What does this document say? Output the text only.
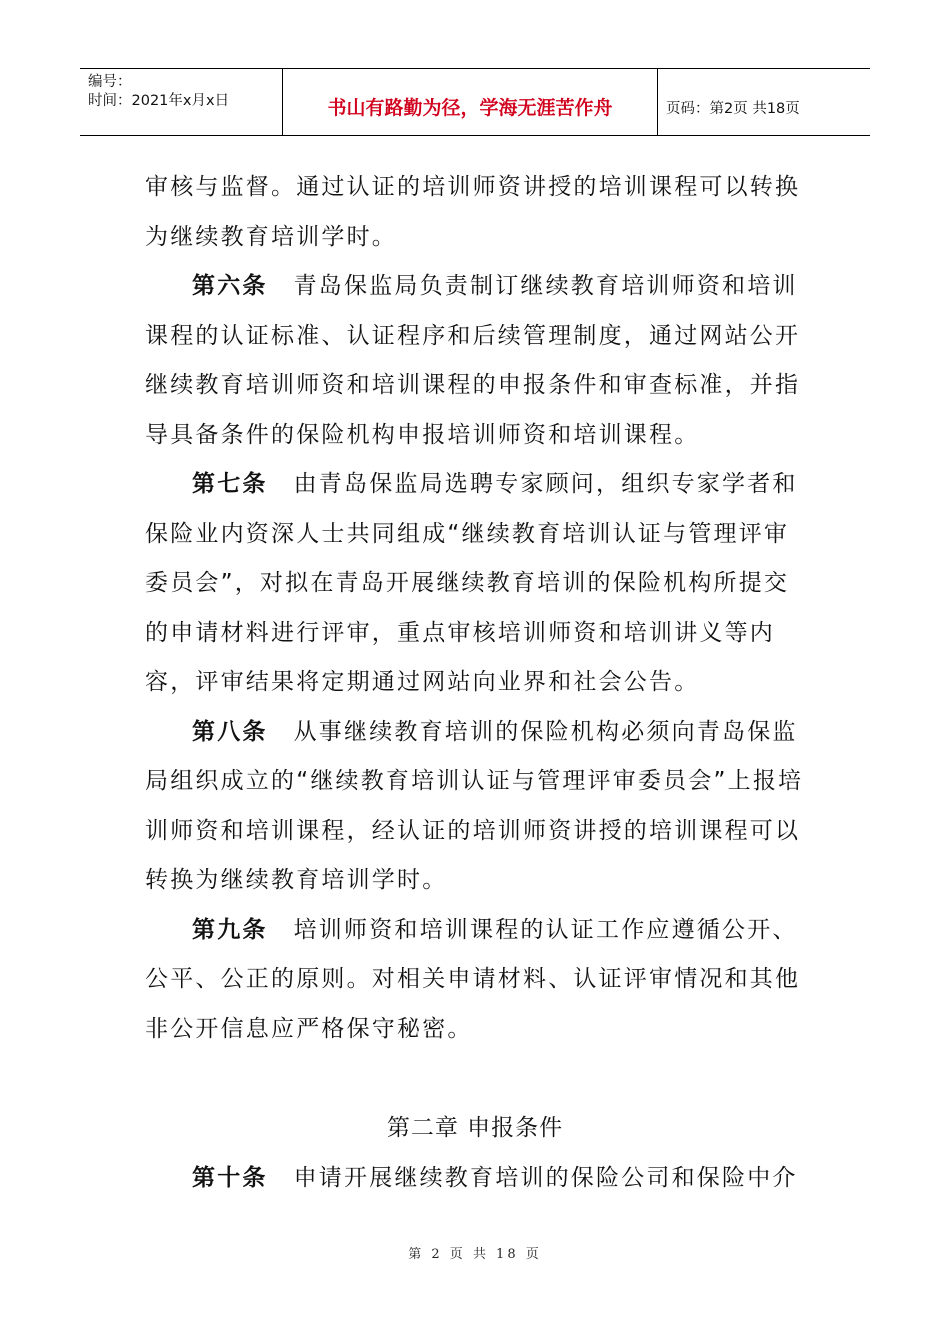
编号：
时间：2021年x月x日	书山有路勤为径，学海无涯苦作舟	页码：第2页 共18页

审核与监督。通过认证的培训师资讲授的培训课程可以转换为继续教育培训学时。

第六条 青岛保监局负责制订继续教育培训师资和培训课程的认证标准、认证程序和后续管理制度，通过网站公开继续教育培训师资和培训课程的申报条件和审查标准，并指导具备条件的保险机构申报培训师资和培训课程。

第七条 由青岛保监局选聘专家顾问，组织专家学者和保险业内资深人士共同组成“继续教育培训认证与管理评审委员会”，对拟在青岛开展继续教育培训的保险机构所提交的申请材料进行评审，重点审核培训师资和培训讲义等内容，评审结果将定期通过网站向业界和社会公告。

第八条 从事继续教育培训的保险机构必须向青岛保监局组织成立的“继续教育培训认证与管理评审委员会”上报培训师资和培训课程，经认证的培训师资讲授的培训课程可以转换为继续教育培训学时。

第九条 培训师资和培训课程的认证工作应遵循公开、公平、公正的原则。对相关申请材料、认证评审情况和其他非公开信息应严格保守秘密。

第二章 申报条件

第十条 申请开展继续教育培训的保险公司和保险中介

第 2 页 共 18 页
